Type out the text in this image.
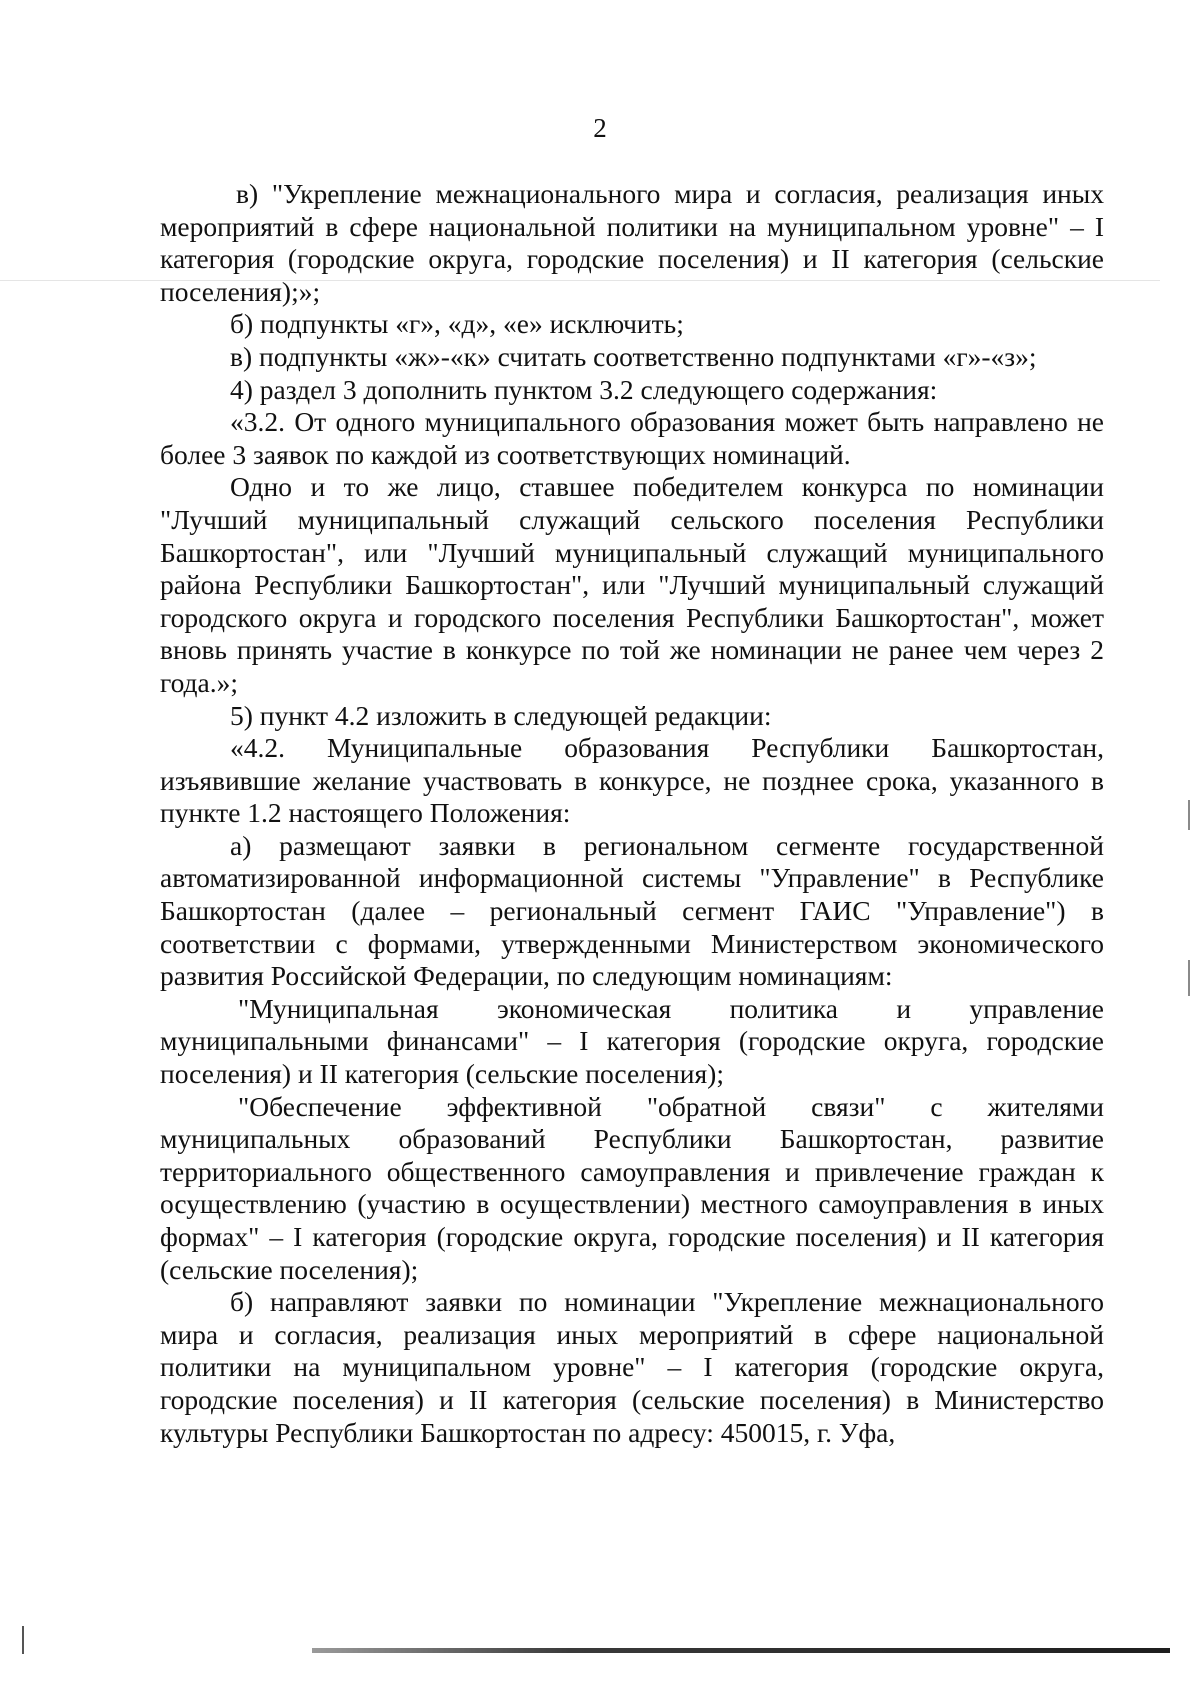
2

в) "Укрепление межнационального мира и согласия, реализация иных мероприятий в сфере национальной политики на муниципальном уровне" – I категория (городские округа, городские поселения) и II категория (сельские поселения);»;

б) подпункты «г», «д», «е» исключить;

в) подпункты «ж»-«к» считать соответственно подпунктами «г»-«з»;

4) раздел 3 дополнить пунктом 3.2 следующего содержания:

«3.2. От одного муниципального образования может быть направлено не более 3 заявок по каждой из соответствующих номинаций.

Одно и то же лицо, ставшее победителем конкурса по номинации "Лучший муниципальный служащий сельского поселения Республики Башкортостан", или "Лучший муниципальный служащий муниципального района Республики Башкортостан", или "Лучший муниципальный служащий городского округа и городского поселения Республики Башкортостан", может вновь принять участие в конкурсе по той же номинации не ранее чем через 2 года.»;

5) пункт 4.2 изложить в следующей редакции:

«4.2. Муниципальные образования Республики Башкортостан, изъявившие желание участвовать в конкурсе, не позднее срока, указанного в пункте 1.2 настоящего Положения:

а) размещают заявки в региональном сегменте государственной автоматизированной информационной системы "Управление" в Республике Башкортостан (далее – региональный сегмент ГАИС "Управление") в соответствии с формами, утвержденными Министерством экономического развития Российской Федерации, по следующим номинациям:

"Муниципальная экономическая политика и управление муниципальными финансами" – I категория (городские округа, городские поселения) и II категория (сельские поселения);

"Обеспечение эффективной "обратной связи" с жителями муниципальных образований Республики Башкортостан, развитие территориального общественного самоуправления и привлечение граждан к осуществлению (участию в осуществлении) местного самоуправления в иных формах" – I категория (городские округа, городские поселения) и II категория (сельские поселения);

б) направляют заявки по номинации "Укрепление межнационального мира и согласия, реализация иных мероприятий в сфере национальной политики на муниципальном уровне" – I категория (городские округа, городские поселения) и II категория (сельские поселения) в Министерство культуры Республики Башкортостан по адресу: 450015, г. Уфа,
